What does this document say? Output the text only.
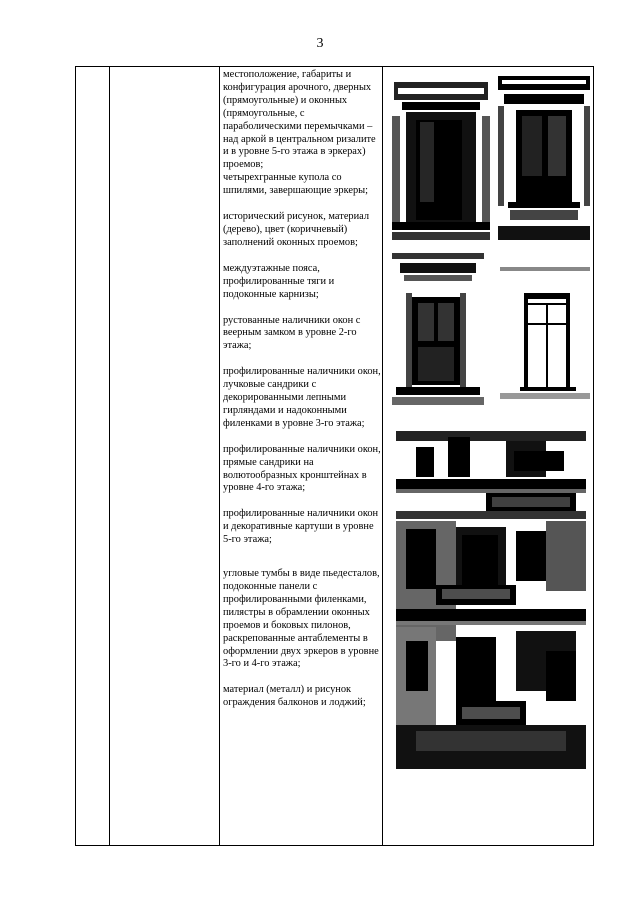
3

местоположение, габариты и конфигурация арочного, дверных (прямоугольные) и оконных (прямоугольные, с параболическими перемычками – над аркой в центральном ризалите и в уровне 5-го этажа в эркерах) проемов;
четырехгранные купола со шпилями, завершающие эркеры;

исторический рисунок, материал (дерево), цвет (коричневый) заполнений оконных проемов;

междуэтажные пояса, профилированные тяги и подоконные карнизы;

рустованные наличники окон с веерным замком в уровне 2-го этажа;

профилированные наличники окон, лучковые сандрики с декорированными лепными гирляндами и надоконными филенками в уровне 3-го этажа;

профилированные наличники окон, прямые сандрики на волютообразных кронштейнах в уровне 4-го этажа;

профилированные наличники окон и декоративные картуши в уровне 5-го этажа;

угловые тумбы в виде пьедесталов, подоконные панели с профилированными филенками, пилястры в обрамлении оконных проемов и боковых пилонов, раскрепованные антаблементы в оформлении двух эркеров в уровне 3-го и 4-го этажа;

материал (металл) и рисунок ограждения балконов и лоджий;
